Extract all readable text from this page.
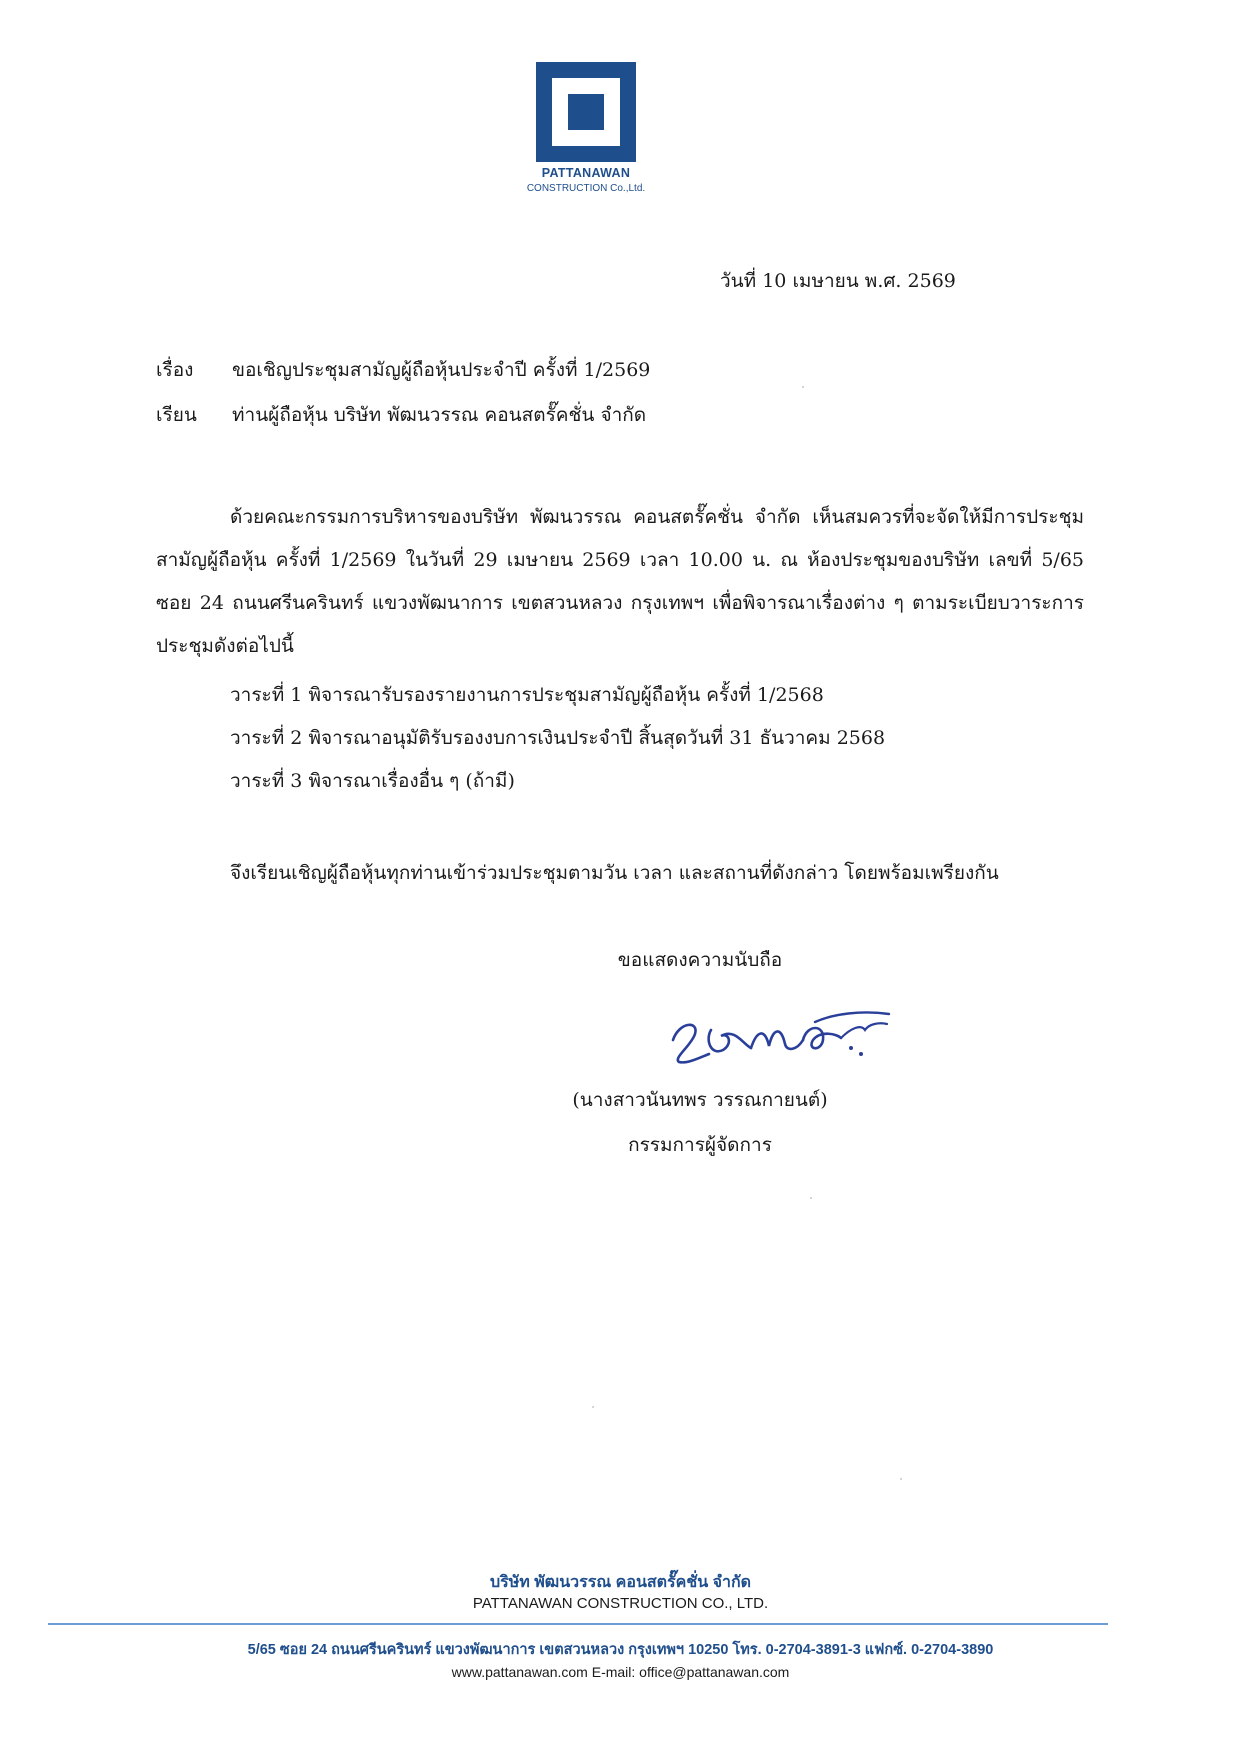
PATTANAWAN
CONSTRUCTION Co.,Ltd.
วันที่ 10 เมษายน พ.ศ. 2569
เรื่อง ขอเชิญประชุมสามัญผู้ถือหุ้นประจำปี ครั้งที่ 1/2569
เรียน ท่านผู้ถือหุ้น บริษัท พัฒนวรรณ คอนสตรั๊คชั่น จำกัด
ด้วยคณะกรรมการบริหารของบริษัท พัฒนวรรณ คอนสตรั๊คชั่น จำกัด เห็นสมควรที่จะจัดให้มีการประชุมสามัญผู้ถือหุ้น ครั้งที่ 1/2569 ในวันที่ 29 เมษายน 2569 เวลา 10.00 น. ณ ห้องประชุมของบริษัท เลขที่ 5/65 ซอย 24 ถนนศรีนครินทร์ แขวงพัฒนาการ เขตสวนหลวง กรุงเทพฯ เพื่อพิจารณาเรื่องต่าง ๆ ตามระเบียบวาระการประชุมดังต่อไปนี้
วาระที่ 1 พิจารณารับรองรายงานการประชุมสามัญผู้ถือหุ้น ครั้งที่ 1/2568
วาระที่ 2 พิจารณาอนุมัติรับรองงบการเงินประจำปี สิ้นสุดวันที่ 31 ธันวาคม 2568
วาระที่ 3 พิจารณาเรื่องอื่น ๆ (ถ้ามี)
จึงเรียนเชิญผู้ถือหุ้นทุกท่านเข้าร่วมประชุมตามวัน เวลา และสถานที่ดังกล่าว โดยพร้อมเพรียงกัน
ขอแสดงความนับถือ
(นางสาวนันทพร วรรณกายนต์)
กรรมการผู้จัดการ
บริษัท พัฒนวรรณ คอนสตรั๊คชั่น จำกัด
PATTANAWAN CONSTRUCTION CO., LTD.
5/65 ซอย 24 ถนนศรีนครินทร์ แขวงพัฒนาการ เขตสวนหลวง กรุงเทพฯ 10250 โทร. 0-2704-3891-3 แฟกซ์. 0-2704-3890
www.pattanawan.com E-mail: office@pattanawan.com
